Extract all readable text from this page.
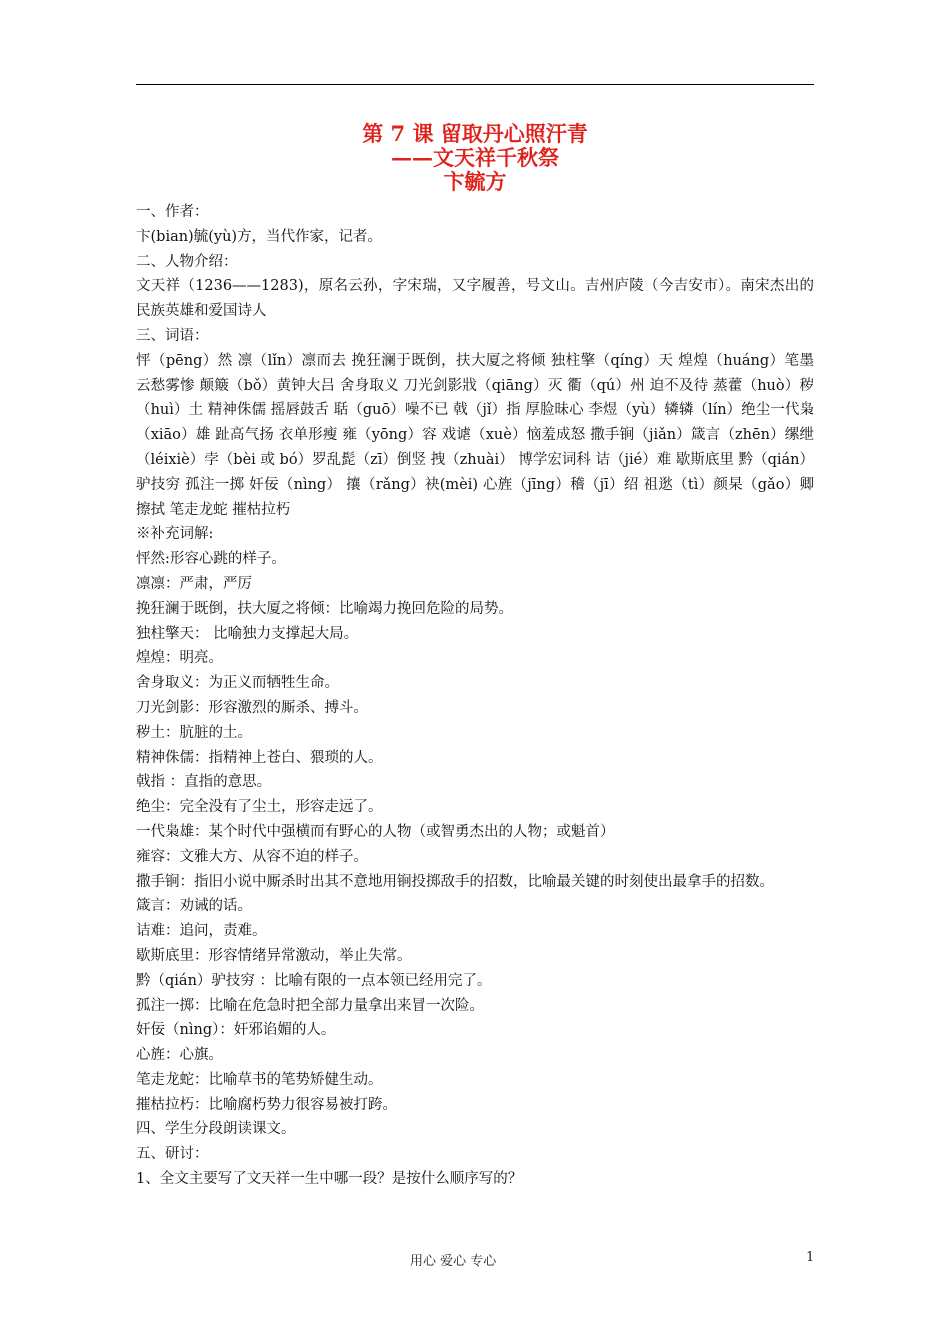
第 7 课 留取丹心照汗青
——文天祥千秋祭
卞毓方

一、作者：

卞(bian)毓(yù)方，当代作家，记者。

二、人物介绍：

文天祥（1236——1283)，原名云孙，字宋瑞，又字履善，号文山。吉州庐陵（今吉安市）。南宋杰出的民族英雄和爱国诗人

三、词语：

怦（pēng）然 凛（lǐn）凛而去 挽狂澜于既倒，扶大厦之将倾 独柱擎（qíng）天 煌煌（huáng）笔墨 云愁雾惨 颠簸（bǒ）黄钟大吕 舍身取义 刀光剑影戕（qiāng）灭 衢（qú）州 迫不及待 蒸藿（huò）秽（huì）土 精神侏儒 摇唇鼓舌 聒（guō）噪不已 戟（jǐ）指 厚脸昧心 李煜（yù）辚辚（lín）绝尘一代枭（xiāo）雄 趾高气扬 衣单形瘦 雍（yōng）容 戏谑（xuè）恼羞成怒 撒手锏（jiǎn）箴言（zhēn）缧绁（léixiè）孛（bèi 或 bó）罗乱髭（zī）倒竖 拽（zhuài） 博学宏词科 诘（jié）难 歇斯底里 黔（qián）驴技穷 孤注一掷 奸佞（nìng） 攘（rǎng）袂(mèi) 心旌（jīng）稽（jī）绍 祖逖（tì）颜杲（gǎo）卿 擦拭 笔走龙蛇 摧枯拉朽

※补充词解:

怦然:形容心跳的样子。

凛凛：严肃，严厉

挽狂澜于既倒，扶大厦之将倾：比喻竭力挽回危险的局势。

独柱擎天： 比喻独力支撑起大局。

煌煌：明亮。

舍身取义：为正义而牺牲生命。

刀光剑影：形容激烈的厮杀、搏斗。

秽土：肮脏的土。

精神侏儒：指精神上苍白、猥琐的人。

戟指 ：直指的意思。

绝尘：完全没有了尘土，形容走远了。

一代枭雄：某个时代中强横而有野心的人物（或智勇杰出的人物；或魁首）

雍容：文雅大方、从容不迫的样子。

撒手锏：指旧小说中厮杀时出其不意地用锏投掷敌手的招数，比喻最关键的时刻使出最拿手的招数。

箴言：劝诫的话。

诘难：追问，责难。

歇斯底里：形容情绪异常激动，举止失常。

黔（qián）驴技穷 ：比喻有限的一点本领已经用完了。

孤注一掷：比喻在危急时把全部力量拿出来冒一次险。

奸佞（nìng）：奸邪谄媚的人。

心旌：心旗。

笔走龙蛇：比喻草书的笔势矫健生动。

摧枯拉朽：比喻腐朽势力很容易被打跨。

四、学生分段朗读课文。

五、研讨：

1、全文主要写了文天祥一生中哪一段？是按什么顺序写的？

用心 爱心 专心	1
